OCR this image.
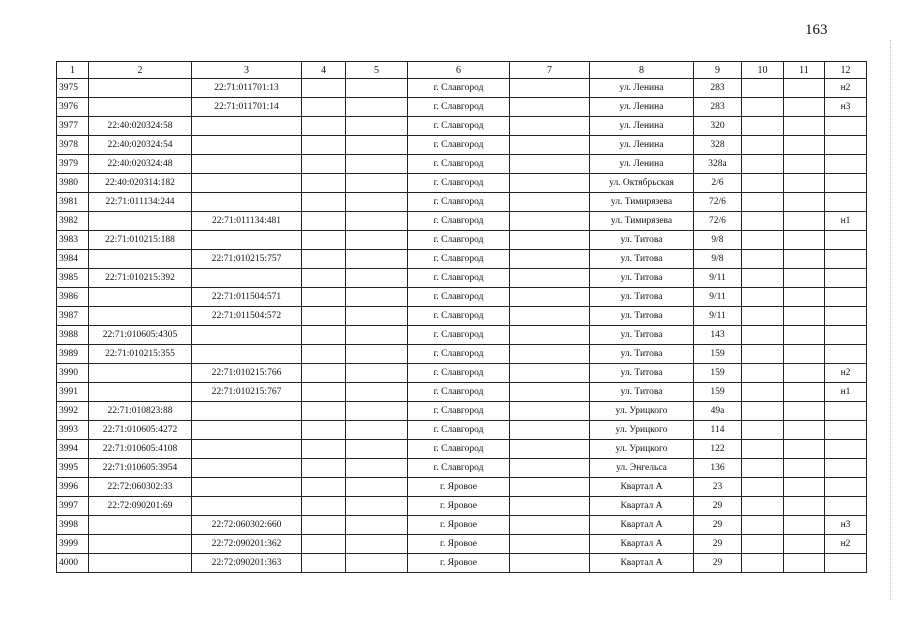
163
1	2	3	4	5	6	7	8	9	10	11	12
3975		22:71:011701:13			г. Славгород		ул. Ленина	283			н2
3976		22:71:011701:14			г. Славгород		ул. Ленина	283			н3
3977	22:40:020324:58				г. Славгород		ул. Ленина	320			
3978	22:40:020324:54				г. Славгород		ул. Ленина	328			
3979	22:40:020324:48				г. Славгород		ул. Ленина	328а			
3980	22:40:020314:182				г. Славгород		ул. Октябрьская	2/6			
3981	22:71:011134:244				г. Славгород		ул. Тимирязева	72/6			
3982		22:71:011134:481			г. Славгород		ул. Тимирязева	72/6			н1
3983	22:71:010215:188				г. Славгород		ул. Титова	9/8			
3984		22:71:010215:757			г. Славгород		ул. Титова	9/8			
3985	22:71:010215:392				г. Славгород		ул. Титова	9/11			
3986		22:71:011504:571			г. Славгород		ул. Титова	9/11			
3987		22:71:011504:572			г. Славгород		ул. Титова	9/11			
3988	22:71:010605:4305				г. Славгород		ул. Титова	143			
3989	22:71:010215:355				г. Славгород		ул. Титова	159			
3990		22:71:010215:766			г. Славгород		ул. Титова	159			н2
3991		22:71:010215:767			г. Славгород		ул. Титова	159			н1
3992	22:71:010823:88				г. Славгород		ул. Урицкого	49а			
3993	22:71:010605:4272				г. Славгород		ул. Урицкого	114			
3994	22:71:010605:4108				г. Славгород		ул. Урицкого	122			
3995	22:71:010605:3954				г. Славгород		ул. Энгельса	136			
3996	22:72:060302:33				г. Яровое		Квартал А	23			
3997	22:72:090201:69				г. Яровое		Квартал А	29			
3998		22:72:060302:660			г. Яровое		Квартал А	29			н3
3999		22:72:090201:362			г. Яровое		Квартал А	29			н2
4000		22:72:090201:363			г. Яровое		Квартал А	29			
